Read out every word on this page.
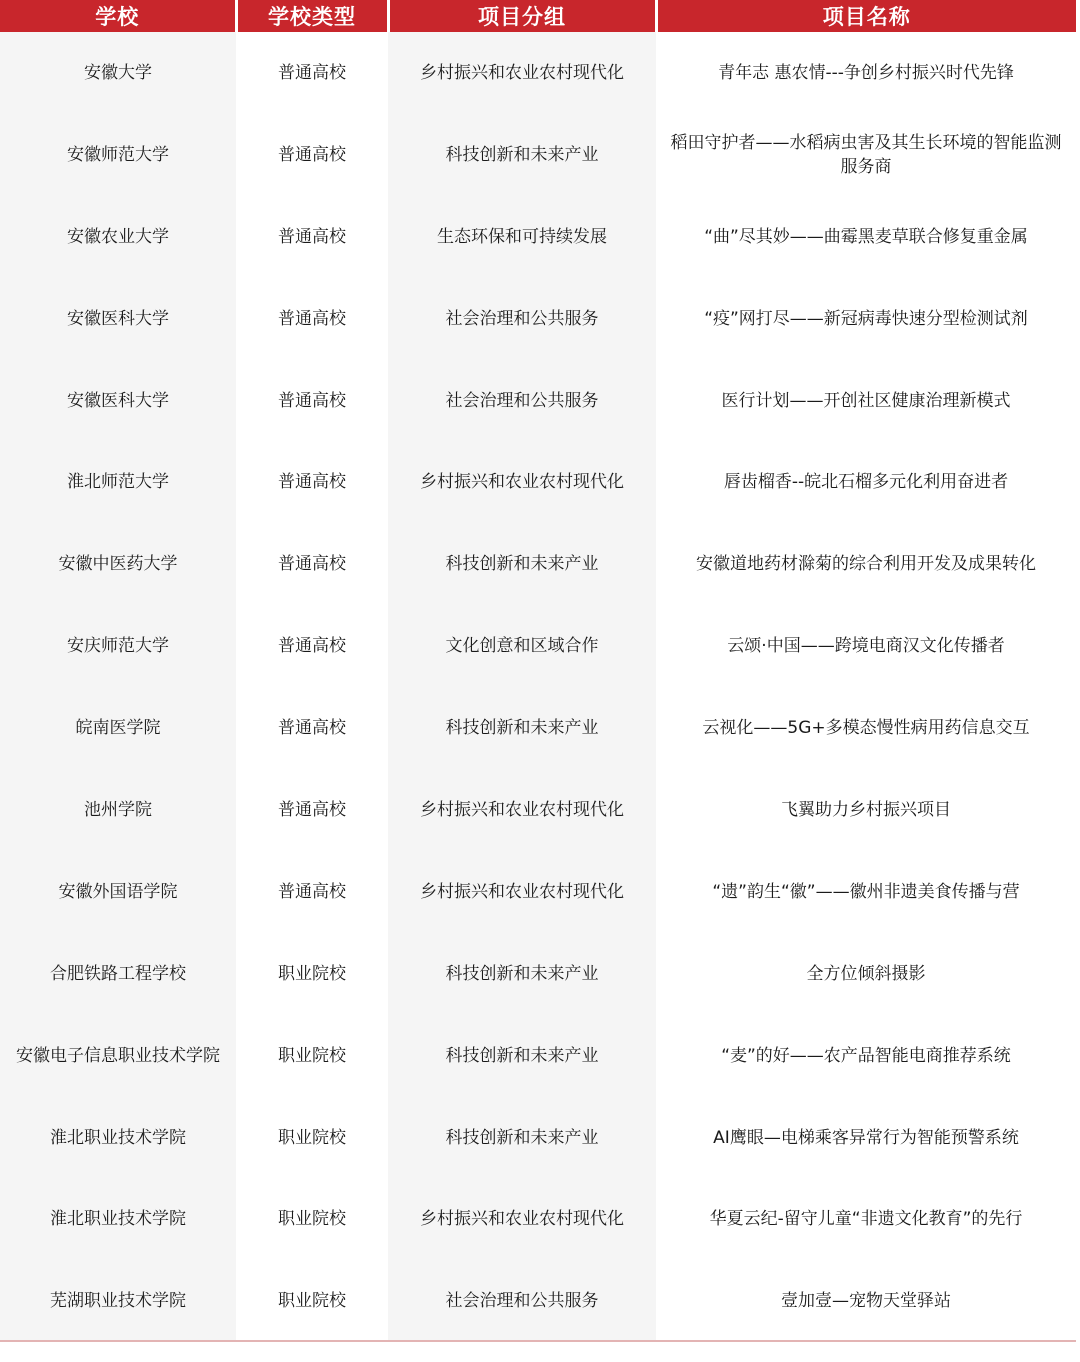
学校	学校类型	项目分组	项目名称
安徽大学	普通高校	乡村振兴和农业农村现代化	青年志 惠农情---争创乡村振兴时代先锋
安徽师范大学	普通高校	科技创新和未来产业	稻田守护者——水稻病虫害及其生长环境的智能监测服务商
安徽农业大学	普通高校	生态环保和可持续发展	“曲”尽其妙——曲霉黑麦草联合修复重金属
安徽医科大学	普通高校	社会治理和公共服务	“疫”网打尽——新冠病毒快速分型检测试剂
安徽医科大学	普通高校	社会治理和公共服务	医行计划——开创社区健康治理新模式
淮北师范大学	普通高校	乡村振兴和农业农村现代化	唇齿榴香--皖北石榴多元化利用奋进者
安徽中医药大学	普通高校	科技创新和未来产业	安徽道地药材滁菊的综合利用开发及成果转化
安庆师范大学	普通高校	文化创意和区域合作	云颂·中国——跨境电商汉文化传播者
皖南医学院	普通高校	科技创新和未来产业	云视化——5G+多模态慢性病用药信息交互
池州学院	普通高校	乡村振兴和农业农村现代化	飞翼助力乡村振兴项目
安徽外国语学院	普通高校	乡村振兴和农业农村现代化	“遗”韵生“徽”——徽州非遗美食传播与营
合肥铁路工程学校	职业院校	科技创新和未来产业	全方位倾斜摄影
安徽电子信息职业技术学院	职业院校	科技创新和未来产业	“麦”的好——农产品智能电商推荐系统
淮北职业技术学院	职业院校	科技创新和未来产业	AI鹰眼—电梯乘客异常行为智能预警系统
淮北职业技术学院	职业院校	乡村振兴和农业农村现代化	华夏云纪-留守儿童“非遗文化教育”的先行
芜湖职业技术学院	职业院校	社会治理和公共服务	壹加壹—宠物天堂驿站
